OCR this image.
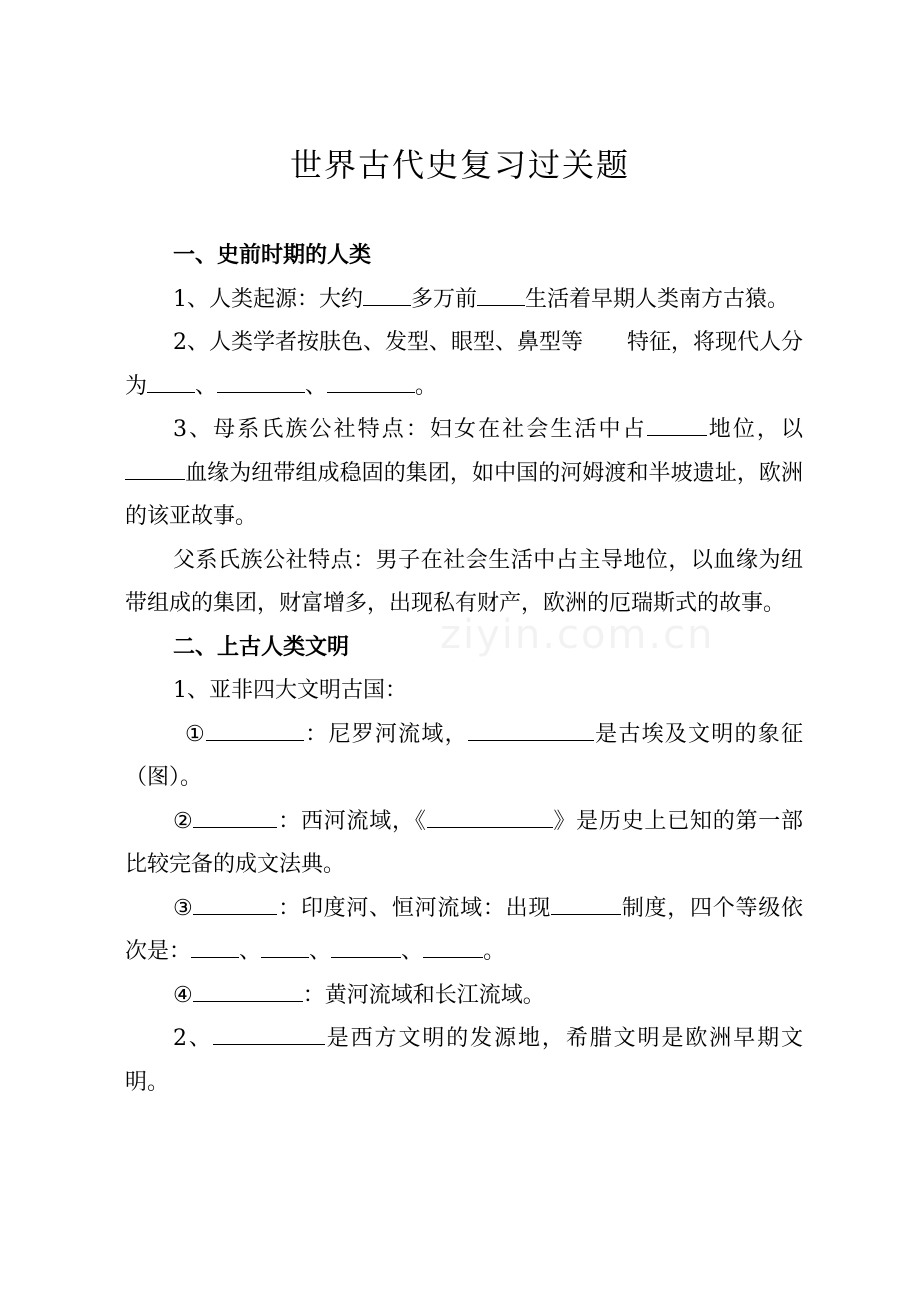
世界古代史复习过关题
ziyin.com.cn

一、史前时期的人类

1、人类起源：大约 多万前 生活着早期人类南方古猿。

2、人类学者按肤色、发型、眼型、鼻型等　　特征，将现代人分为 、	、	。

3、母系氏族公社特点：妇女在社会生活中占	地位，以血缘为纽带组成稳固的集团，如中国的河姆渡和半坡遗址，欧洲的该亚故事。

父系氏族公社特点：男子在社会生活中占主导地位，以血缘为纽带组成的集团，财富增多，出现私有财产，欧洲的厄瑞斯式的故事。

二、上古人类文明

1、亚非四大文明古国：

①	：尼罗河流域，	是古埃及文明的象征（图）。

②	：西河流域，《	》是历史上已知的第一部比较完备的成文法典。

③	：印度河、恒河流域：出现	制度，四个等级依次是： 、 、	、	。

④	：黄河流域和长江流域。

2、	是西方文明的发源地，希腊文明是欧洲早期文明。
